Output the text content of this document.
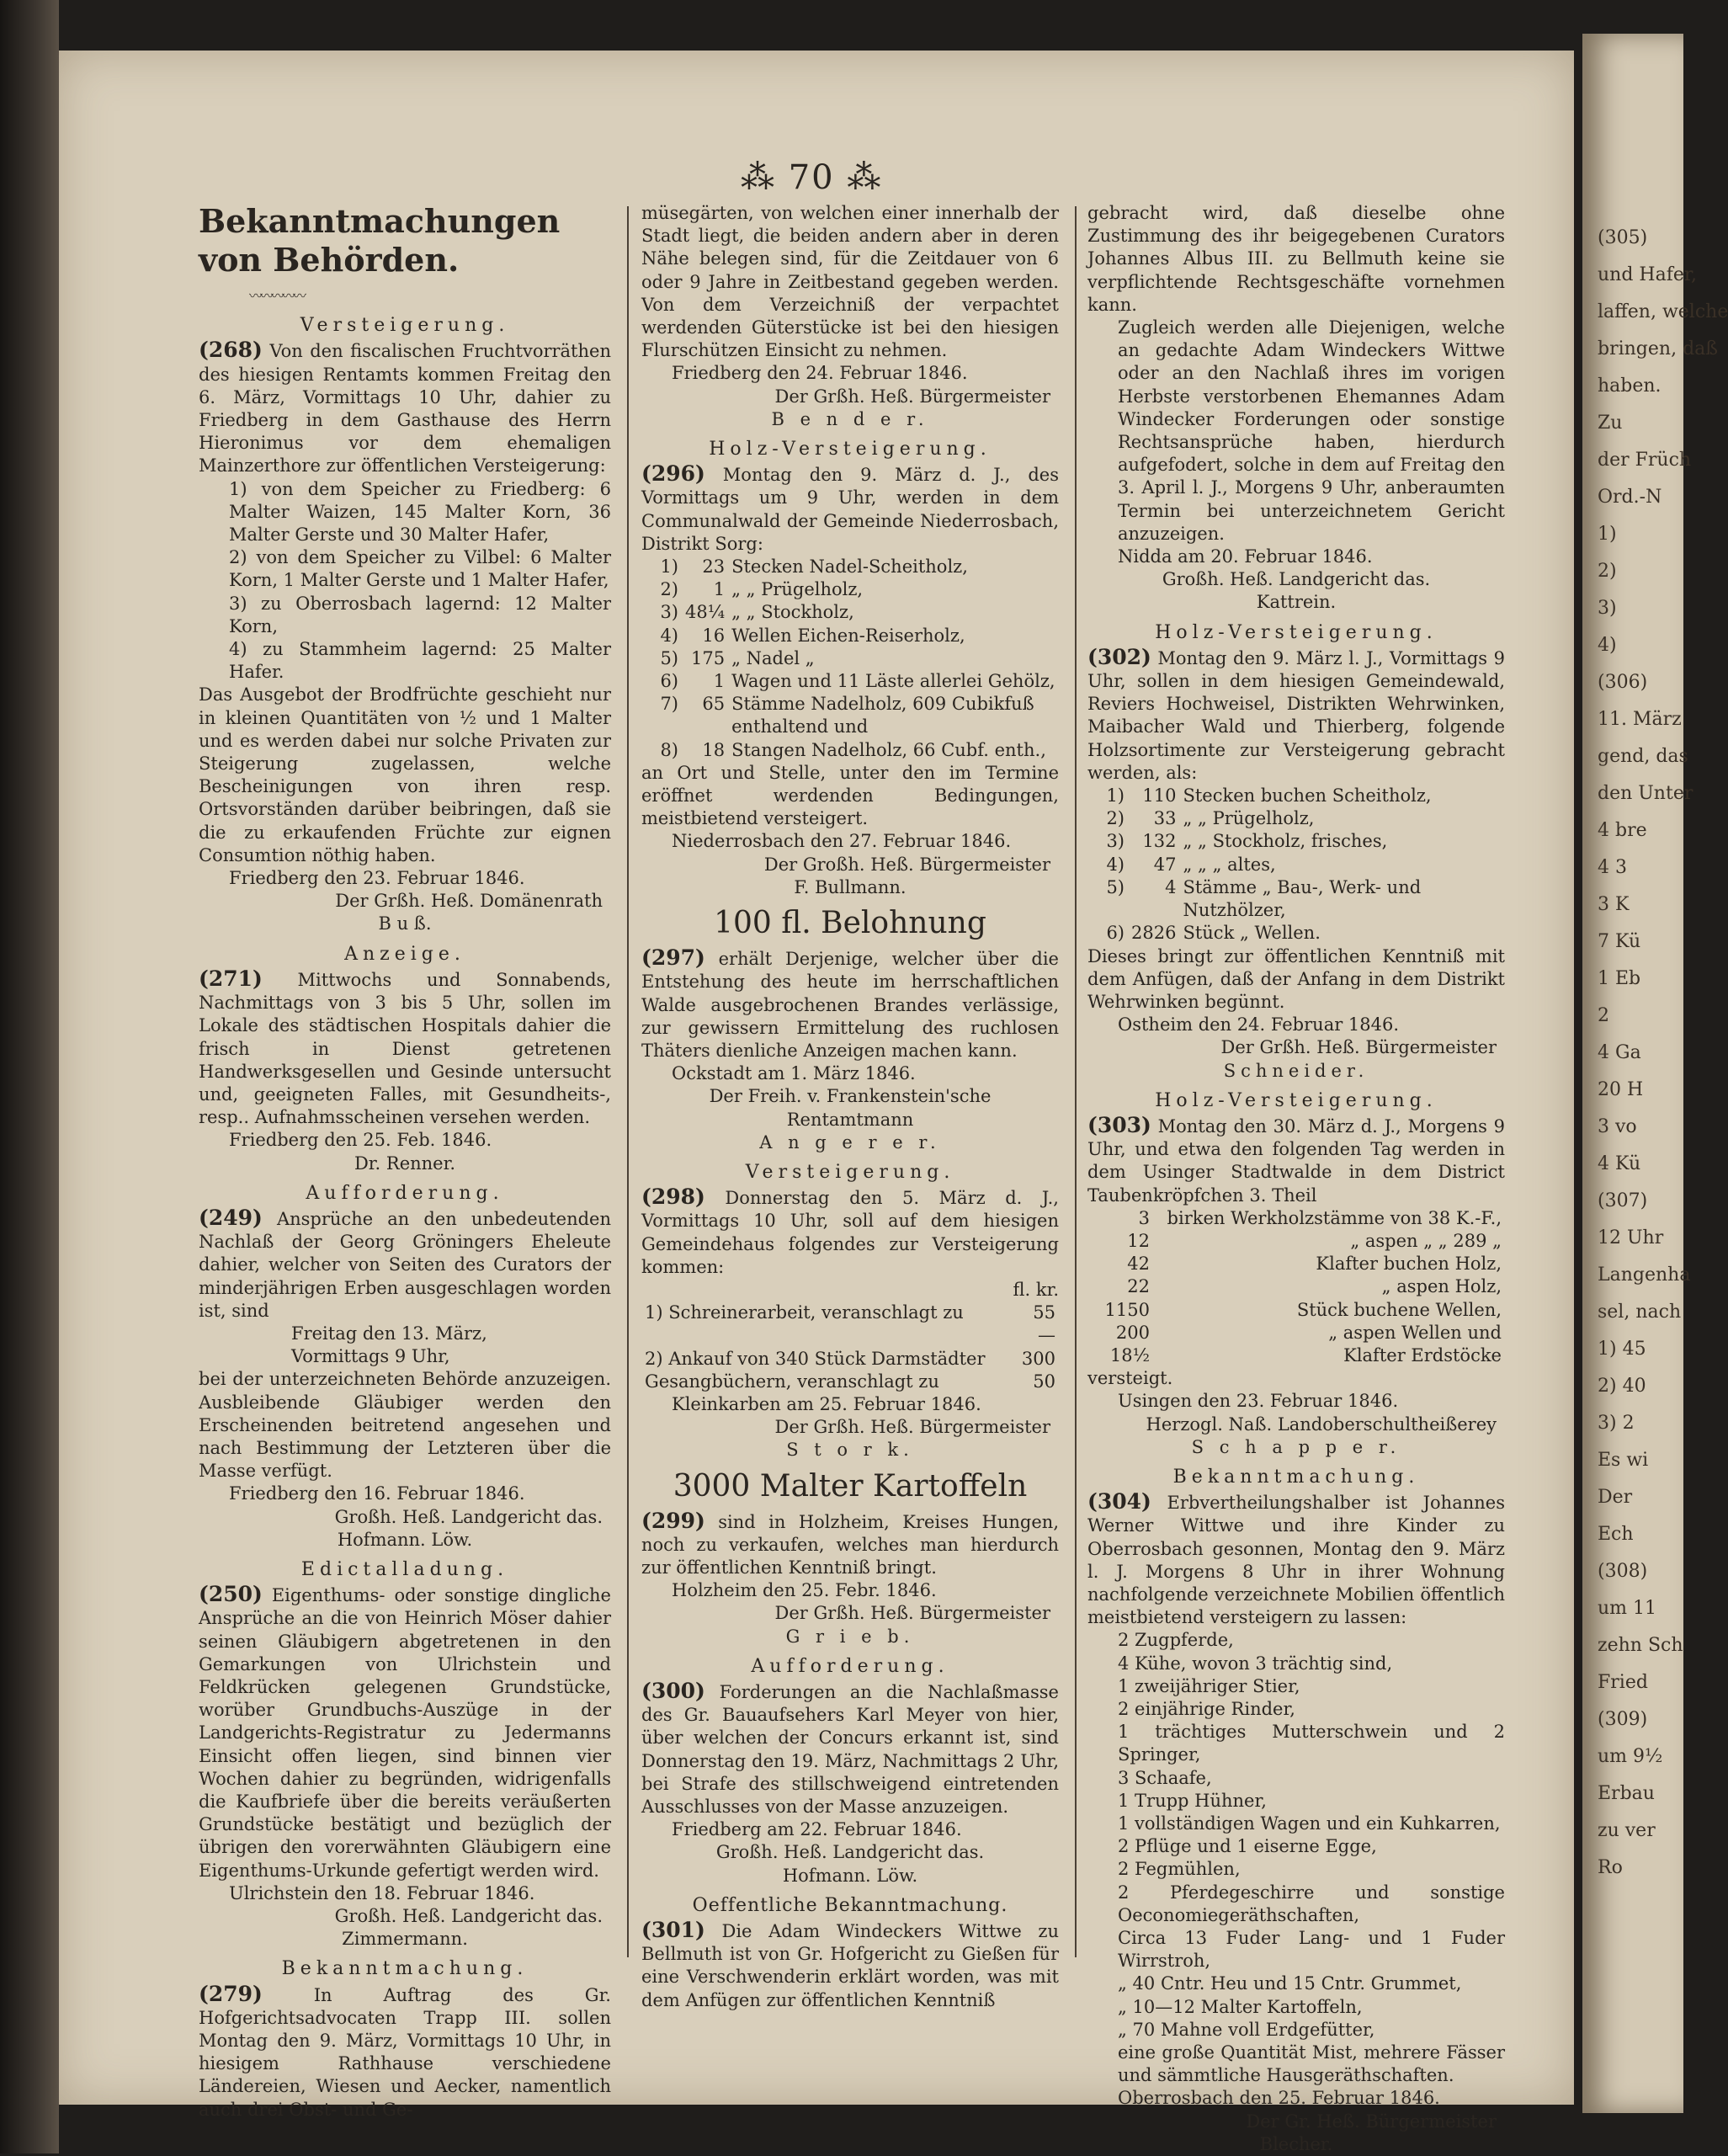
(305)
und Hafer,
laffen, welche
bringen, daß
haben.
Zu
der Früch
Ord.-N
1)
2)
3)
4)
(306)
11. März
gend, das
den Unter
4 bre
4 3
3 K
7 Kü
1 Eb
2
4 Ga
20 H
3 vo
4 Kü
(307)
12 Uhr
Langenha
sel, nach
1) 45
2) 40
3) 2
Es wi
Der
Ech
(308)
um 11
zehn Sch
Fried
(309)
um 9½
Erbau
zu ver
Ro
⁂ 70 ⁂

Bekanntmachungen von Behörden.

〰〰〰〰〰

Versteigerung.

(268) Von den fiscalischen Fruchtvorräthen des hiesigen Rentamts kommen Freitag den 6. März, Vormittags 10 Uhr, dahier zu Friedberg in dem Gasthause des Herrn Hieronimus vor dem ehemaligen Mainzerthore zur öffentlichen Versteigerung:

1) von dem Speicher zu Friedberg: 6 Malter Waizen, 145 Malter Korn, 36 Malter Gerste und 30 Malter Hafer,

2) von dem Speicher zu Vilbel: 6 Malter Korn, 1 Malter Gerste und 1 Malter Hafer,

3) zu Oberrosbach lagernd: 12 Malter Korn,

4) zu Stammheim lagernd: 25 Malter Hafer.

Das Ausgebot der Brodfrüchte geschieht nur in kleinen Quantitäten von ½ und 1 Malter und es werden dabei nur solche Privaten zur Steigerung zugelassen, welche Bescheinigungen von ihren resp. Ortsvorständen darüber beibringen, daß sie die zu erkaufenden Früchte zur eignen Consumtion nöthig haben.

Friedberg den 23. Februar 1846.

Der Grßh. Heß. Domänenrath

B u ß.

Anzeige.

(271) Mittwochs und Sonnabends, Nachmittags von 3 bis 5 Uhr, sollen im Lokale des städtischen Hospitals dahier die frisch in Dienst getretenen Handwerksgesellen und Gesinde untersucht und, geeigneten Falles, mit Gesundheits-, resp.. Aufnahmsscheinen versehen werden.

Friedberg den 25. Feb. 1846.

Dr. Renner.

Aufforderung.

(249) Ansprüche an den unbedeutenden Nachlaß der Georg Gröningers Eheleute dahier, welcher von Seiten des Curators der minderjährigen Erben ausgeschlagen worden ist, sind

Freitag den 13. März,

Vormittags 9 Uhr,

bei der unterzeichneten Behörde anzuzeigen. Ausbleibende Gläubiger werden den Erscheinenden beitretend angesehen und nach Bestimmung der Letzteren über die Masse verfügt.

Friedberg den 16. Februar 1846.

Großh. Heß. Landgericht das.

Hofmann. Löw.

Edictalladung.

(250) Eigenthums- oder sonstige dingliche Ansprüche an die von Heinrich Möser dahier seinen Gläubigern abgetretenen in den Gemarkungen von Ulrichstein und Feldkrücken gelegenen Grundstücke, worüber Grundbuchs-Auszüge in der Landgerichts-Registratur zu Jedermanns Einsicht offen liegen, sind binnen vier Wochen dahier zu begründen, widrigenfalls die Kaufbriefe über die bereits veräußerten Grundstücke bestätigt und bezüglich der übrigen den vorerwähnten Gläubigern eine Eigenthums-Urkunde gefertigt werden wird.

Ulrichstein den 18. Februar 1846.

Großh. Heß. Landgericht das.

Zimmermann.

Bekanntmachung.

(279)	In Auftrag des Gr. Hofgerichtsadvocaten Trapp III. sollen Montag den 9. März, Vormittags 10 Uhr, in hiesigem Rathhause verschiedene Ländereien, Wiesen und Aecker, namentlich auch drei Obst- und Ge-

müsegärten, von welchen einer innerhalb der Stadt liegt, die beiden andern aber in deren Nähe belegen sind, für die Zeitdauer von 6 oder 9 Jahre in Zeitbestand gegeben werden. Von dem Verzeichniß der verpachtet werdenden Güterstücke ist bei den hiesigen Flurschützen Einsicht zu nehmen.

Friedberg den 24. Februar 1846.

Der Grßh. Heß. Bürgermeister

B e n d e r.

Holz-Versteigerung.

(296) Montag den 9. März d. J., des Vormittags um 9 Uhr, werden in dem Communalwald der Gemeinde Niederrosbach, Distrikt Sorg:

1)	23	Stecken Nadel-Scheitholz,
2)	1	„ „ Prügelholz,
3)	48¼	„ „ Stockholz,
4)	16	Wellen Eichen-Reiserholz,
5)	175	„ Nadel „
6)	1	Wagen und 11 Läste allerlei Gehölz,
7)	65	Stämme Nadelholz, 609 Cubikfuß enthaltend und
8)	18	Stangen Nadelholz, 66 Cubf. enth.,

an Ort und Stelle, unter den im Termine eröffnet werdenden Bedingungen, meistbietend versteigert.

Niederrosbach den 27. Februar 1846.

Der Großh. Heß. Bürgermeister

F. Bullmann.

100 fl. Belohnung

(297) erhält Derjenige, welcher über die Entstehung des heute im herrschaftlichen Walde ausgebrochenen Brandes verlässige, zur gewissern Ermittelung des ruchlosen Thäters dienliche Anzeigen machen kann.

Ockstadt am 1. März 1846.

Der Freih. v. Frankenstein'sche

Rentamtmann

A n g e r e r.

Versteigerung.

(298) Donnerstag den 5. März d. J., Vormittags 10 Uhr, soll auf dem hiesigen Gemeindehaus folgendes zur Versteigerung kommen:

fl. kr.

1) Schreinerarbeit, veranschlagt zu	55 —
2) Ankauf von 340 Stück Darmstädter Gesangbüchern, veranschlagt zu	300 50

Kleinkarben am 25. Februar 1846.

Der Grßh. Heß. Bürgermeister

S t o r k.

3000 Malter Kartoffeln

(299) sind in Holzheim, Kreises Hungen, noch zu verkaufen, welches man hierdurch zur öffentlichen Kenntniß bringt.

Holzheim den 25. Febr. 1846.

Der Grßh. Heß. Bürgermeister

G r i e b.

Aufforderung.

(300) Forderungen an die Nachlaßmasse des Gr. Bauaufsehers Karl Meyer von hier, über welchen der Concurs erkannt ist, sind Donnerstag den 19. März, Nachmittags 2 Uhr, bei Strafe des stillschweigend eintretenden Ausschlusses von der Masse anzuzeigen.

Friedberg am 22. Februar 1846.

Großh. Heß. Landgericht das.

Hofmann. Löw.

Oeffentliche Bekanntmachung.

(301) Die Adam Windeckers Wittwe zu Bellmuth ist von Gr. Hofgericht zu Gießen für eine Verschwenderin erklärt worden, was mit dem Anfügen zur öffentlichen Kenntniß

gebracht wird, daß dieselbe ohne Zustimmung des ihr beigegebenen Curators Johannes Albus III. zu Bellmuth keine sie verpflichtende Rechtsgeschäfte vornehmen kann.

Zugleich werden alle Diejenigen, welche an gedachte Adam Windeckers Wittwe oder an den Nachlaß ihres im vorigen Herbste verstorbenen Ehemannes Adam Windecker Forderungen oder sonstige Rechtsansprüche haben, hierdurch aufgefodert, solche in dem auf Freitag den 3. April l. J., Morgens 9 Uhr, anberaumten Termin bei unterzeichnetem Gericht anzuzeigen.

Nidda am 20. Februar 1846.

Großh. Heß. Landgericht das.

Kattrein.

Holz-Versteigerung.

(302) Montag den 9. März l. J., Vormittags 9 Uhr, sollen in dem hiesigen Gemeindewald, Reviers Hochweisel, Distrikten Wehrwinken, Maibacher Wald und Thierberg, folgende Holzsortimente zur Versteigerung gebracht werden, als:

1)	110	Stecken buchen Scheitholz,
2)	33	„ „ Prügelholz,
3)	132	„ „ Stockholz, frisches,
4)	47	„ „ „ altes,
5)	4	Stämme „ Bau-, Werk- und Nutzhölzer,
6)	2826	Stück „ Wellen.

Dieses bringt zur öffentlichen Kenntniß mit dem Anfügen, daß der Anfang in dem Distrikt Wehrwinken begünnt.

Ostheim den 24. Februar 1846.

Der Grßh. Heß. Bürgermeister

Schneider.

Holz-Versteigerung.

(303) Montag den 30. März d. J., Morgens 9 Uhr, und etwa den folgenden Tag werden in dem Usinger Stadtwalde in dem District Taubenkröpfchen 3. Theil

3	birken Werkholzstämme von 38 K.-F.,
12	„ aspen „ „ 289 „
42	Klafter buchen Holz,
22	„ aspen Holz,
1150	Stück buchene Wellen,
200	„ aspen Wellen und
18½	Klafter Erdstöcke

versteigt.

Usingen den 23. Februar 1846.

Herzogl. Naß. Landoberschultheißerey

S c h a p p e r.

Bekanntmachung.

(304) Erbvertheilungshalber ist Johannes Werner Wittwe und ihre Kinder zu Oberrosbach gesonnen, Montag den 9. März l. J. Morgens 8 Uhr in ihrer Wohnung nachfolgende verzeichnete Mobilien öffentlich meistbietend versteigern zu lassen:

2 Zugpferde,

4 Kühe, wovon 3 trächtig sind,

1 zweijähriger Stier,

2 einjährige Rinder,

1 trächtiges Mutterschwein und 2 Springer,

3 Schaafe,

1 Trupp Hühner,

1 vollständigen Wagen und ein Kuhkarren,

2 Pflüge und 1 eiserne Egge,

2 Fegmühlen,

2 Pferdegeschirre und sonstige Oeconomiegeräthschaften,

Circa 13 Fuder Lang- und 1 Fuder Wirrstroh,

„ 40 Cntr. Heu und 15 Cntr. Grummet,

„ 10—12 Malter Kartoffeln,

„ 70 Mahne voll Erdgefütter,

eine große Quantität Mist, mehrere Fässer und sämmtliche Hausgeräthschaften.

Oberrosbach den 25. Februar 1846.

Der Gr. Heß. Bürgermeister

Blecher.
